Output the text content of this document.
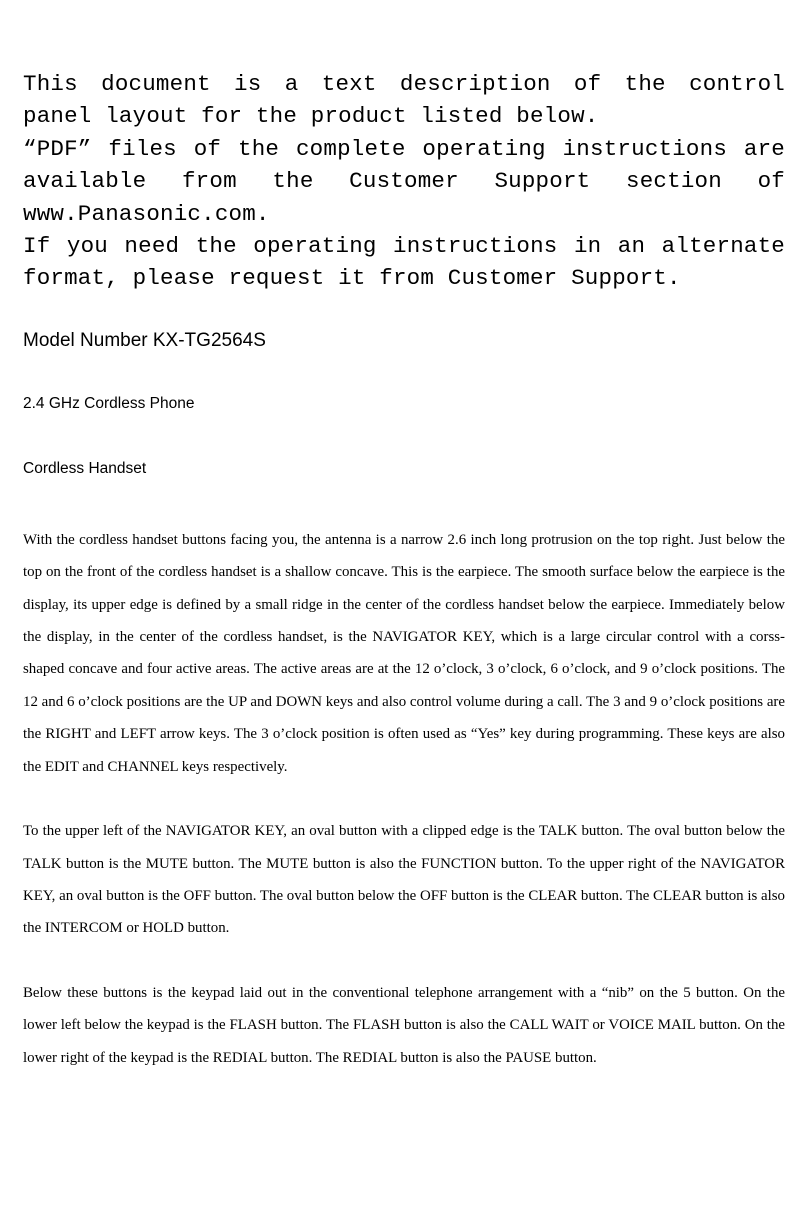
This document is a text description of the control panel layout for the product listed below.

“PDF” files of the complete operating instructions are available from the Customer Support section of www.Panasonic.com.

If you need the operating instructions in an alternate format, please request it from Customer Support.

Model Number KX-TG2564S
2.4 GHz Cordless Phone
Cordless Handset

With the cordless handset buttons facing you, the antenna is a narrow 2.6 inch long protrusion on the top right. Just below the top on the front of the cordless handset is a shallow concave. This is the earpiece. The smooth surface below the earpiece is the display, its upper edge is defined by a small ridge in the center of the cordless handset below the earpiece. Immediately below the display, in the center of the cordless handset, is the NAVIGATOR KEY, which is a large circular control with a corss-shaped concave and four active areas. The active areas are at the 12 o’clock, 3 o’clock, 6 o’clock, and 9 o’clock positions. The 12 and 6 o’clock positions are the UP and DOWN keys and also control volume during a call. The 3 and 9 o’clock positions are the RIGHT and LEFT arrow keys. The 3 o’clock position is often used as “Yes” key during programming. These keys are also the EDIT and CHANNEL keys respectively.

To the upper left of the NAVIGATOR KEY, an oval button with a clipped edge is the TALK button. The oval button below the TALK button is the MUTE button. The MUTE button is also the FUNCTION button. To the upper right of the NAVIGATOR KEY, an oval button is the OFF button. The oval button below the OFF button is the CLEAR button. The CLEAR button is also the INTERCOM or HOLD button.

Below these buttons is the keypad laid out in the conventional telephone arrangement with a “nib” on the 5 button. On the lower left below the keypad is the FLASH button. The FLASH button is also the CALL WAIT or VOICE MAIL button. On the lower right of the keypad is the REDIAL button. The REDIAL button is also the PAUSE button.
